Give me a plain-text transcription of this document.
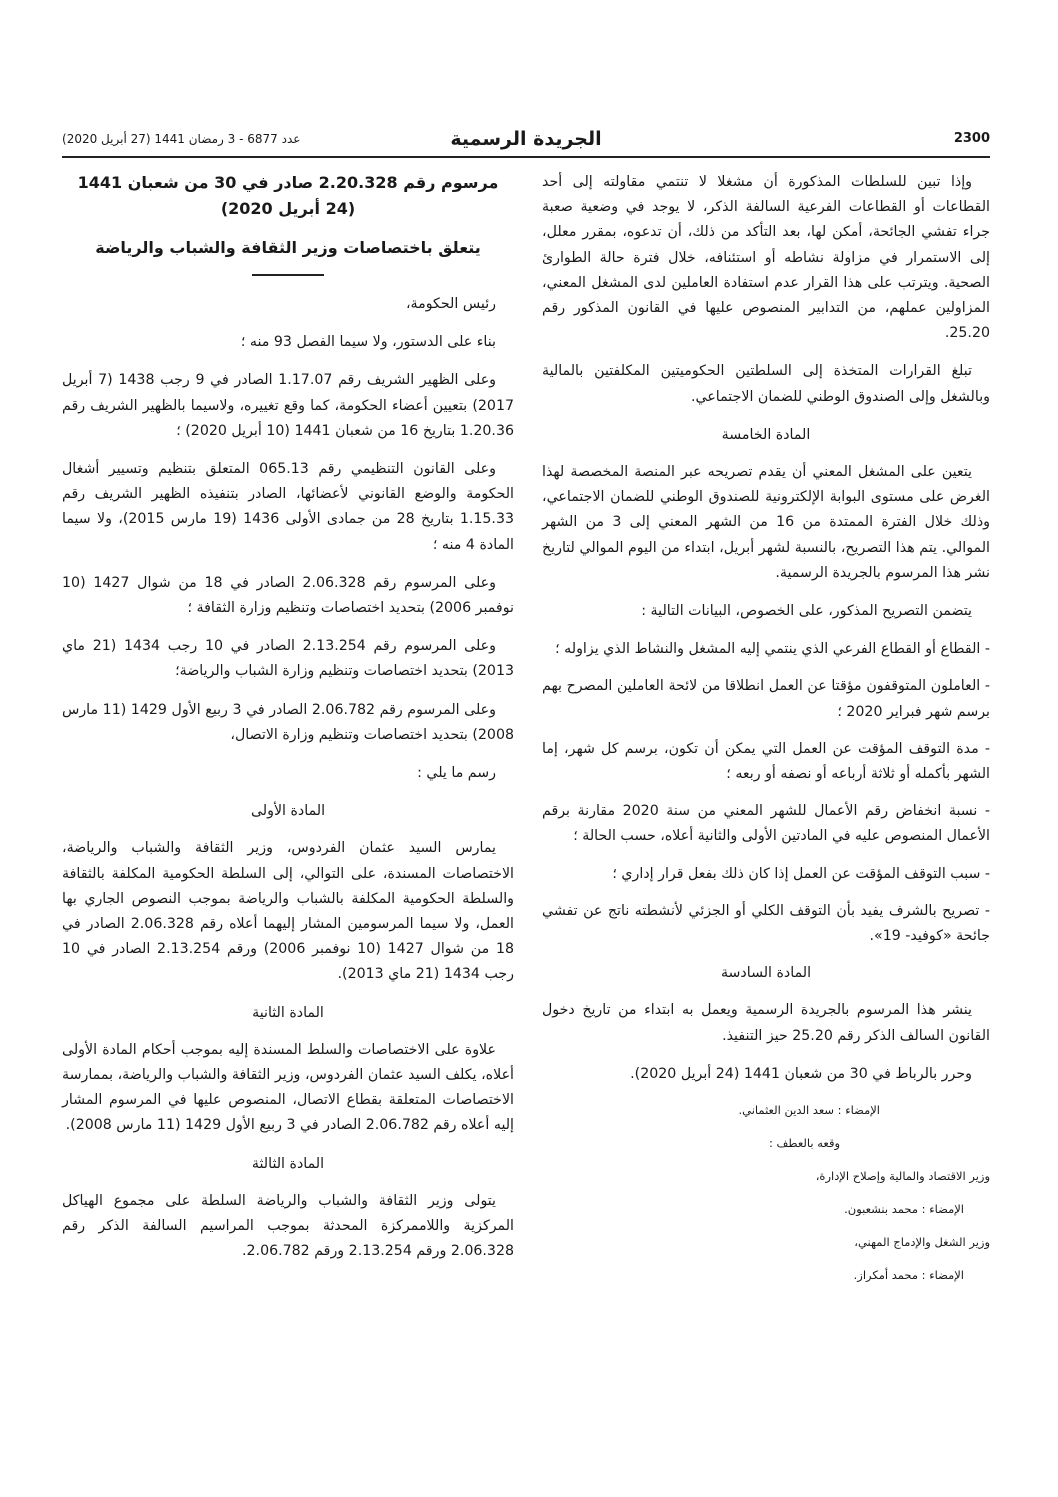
عدد 6877 - 3 رمضان 1441 (27 أبريل 2020)	الجريدة الرسمية	2300

وإذا تبين للسلطات المذكورة أن مشغلا لا تنتمي مقاولته إلى أحد القطاعات أو القطاعات الفرعية السالفة الذكر، لا يوجد في وضعية صعبة جراء تفشي الجائحة، أمكن لها، بعد التأكد من ذلك، أن تدعوه، بمقرر معلل، إلى الاستمرار في مزاولة نشاطه أو استئنافه، خلال فترة حالة الطوارئ الصحية. ويترتب على هذا القرار عدم استفادة العاملين لدى المشغل المعني، المزاولين عملهم، من التدابير المنصوص عليها في القانون المذكور رقم 25.20.

تبلغ القرارات المتخذة إلى السلطتين الحكوميتين المكلفتين بالمالية وبالشغل وإلى الصندوق الوطني للضمان الاجتماعي.

المادة الخامسة

يتعين على المشغل المعني أن يقدم تصريحه عبر المنصة المخصصة لهذا الغرض على مستوى البوابة الإلكترونية للصندوق الوطني للضمان الاجتماعي، وذلك خلال الفترة الممتدة من 16 من الشهر المعني إلى 3 من الشهر الموالي. يتم هذا التصريح، بالنسبة لشهر أبريل، ابتداء من اليوم الموالي لتاريخ نشر هذا المرسوم بالجريدة الرسمية.

يتضمن التصريح المذكور، على الخصوص، البيانات التالية :

- القطاع أو القطاع الفرعي الذي ينتمي إليه المشغل والنشاط الذي يزاوله ؛

- العاملون المتوقفون مؤقتا عن العمل انطلاقا من لائحة العاملين المصرح بهم برسم شهر فبراير 2020 ؛

- مدة التوقف المؤقت عن العمل التي يمكن أن تكون، برسم كل شهر، إما الشهر بأكمله أو ثلاثة أرباعه أو نصفه أو ربعه ؛

- نسبة انخفاض رقم الأعمال للشهر المعني من سنة 2020 مقارنة برقم الأعمال المنصوص عليه في المادتين الأولى والثانية أعلاه، حسب الحالة ؛

- سبب التوقف المؤقت عن العمل إذا كان ذلك بفعل قرار إداري ؛

- تصريح بالشرف يفيد بأن التوقف الكلي أو الجزئي لأنشطته ناتج عن تفشي جائحة «كوفيد- 19».

المادة السادسة

ينشر هذا المرسوم بالجريدة الرسمية ويعمل به ابتداء من تاريخ دخول القانون السالف الذكر رقم 25.20 حيز التنفيذ.

وحرر بالرباط في 30 من شعبان 1441 (24 أبريل 2020).

الإمضاء : سعد الدين العثماني.

وقعه بالعطف :

وزير الاقتصاد والمالية وإصلاح الإدارة،

الإمضاء : محمد بنشعبون.

وزير الشغل والإدماج المهني،

الإمضاء : محمد أمكراز.

مرسوم رقم 2.20.328 صادر في 30 من شعبان 1441 (24 أبريل 2020)

يتعلق باختصاصات وزير الثقافة والشباب والرياضة

رئيس الحكومة،

بناء على الدستور، ولا سيما الفصل 93 منه ؛

وعلى الظهير الشريف رقم 1.17.07 الصادر في 9 رجب 1438 (7 أبريل 2017) بتعيين أعضاء الحكومة، كما وقع تغييره، ولاسيما بالظهير الشريف رقم 1.20.36 بتاريخ 16 من شعبان 1441 (10 أبريل 2020) ؛

وعلى القانون التنظيمي رقم 065.13 المتعلق بتنظيم وتسيير أشغال الحكومة والوضع القانوني لأعضائها، الصادر بتنفيذه الظهير الشريف رقم 1.15.33 بتاريخ 28 من جمادى الأولى 1436 (19 مارس 2015)، ولا سيما المادة 4 منه ؛

وعلى المرسوم رقم 2.06.328 الصادر في 18 من شوال 1427 (10 نوفمبر 2006) بتحديد اختصاصات وتنظيم وزارة الثقافة ؛

وعلى المرسوم رقم 2.13.254 الصادر في 10 رجب 1434 (21 ماي 2013) بتحديد اختصاصات وتنظيم وزارة الشباب والرياضة؛

وعلى المرسوم رقم 2.06.782 الصادر في 3 ربيع الأول 1429 (11 مارس 2008) بتحديد اختصاصات وتنظيم وزارة الاتصال،

رسم ما يلي :

المادة الأولى

يمارس السيد عثمان الفردوس، وزير الثقافة والشباب والرياضة، الاختصاصات المسندة، على التوالي، إلى السلطة الحكومية المكلفة بالثقافة والسلطة الحكومية المكلفة بالشباب والرياضة بموجب النصوص الجاري بها العمل، ولا سيما المرسومين المشار إليهما أعلاه رقم 2.06.328 الصادر في 18 من شوال 1427 (10 نوفمبر 2006) ورقم 2.13.254 الصادر في 10 رجب 1434 (21 ماي 2013).

المادة الثانية

علاوة على الاختصاصات والسلط المسندة إليه بموجب أحكام المادة الأولى أعلاه، يكلف السيد عثمان الفردوس، وزير الثقافة والشباب والرياضة، بممارسة الاختصاصات المتعلقة بقطاع الاتصال، المنصوص عليها في المرسوم المشار إليه أعلاه رقم 2.06.782 الصادر في 3 ربيع الأول 1429 (11 مارس 2008).

المادة الثالثة

يتولى وزير الثقافة والشباب والرياضة السلطة على مجموع الهياكل المركزية واللاممركزة المحدثة بموجب المراسيم السالفة الذكر رقم 2.06.328 ورقم 2.13.254 ورقم 2.06.782.
